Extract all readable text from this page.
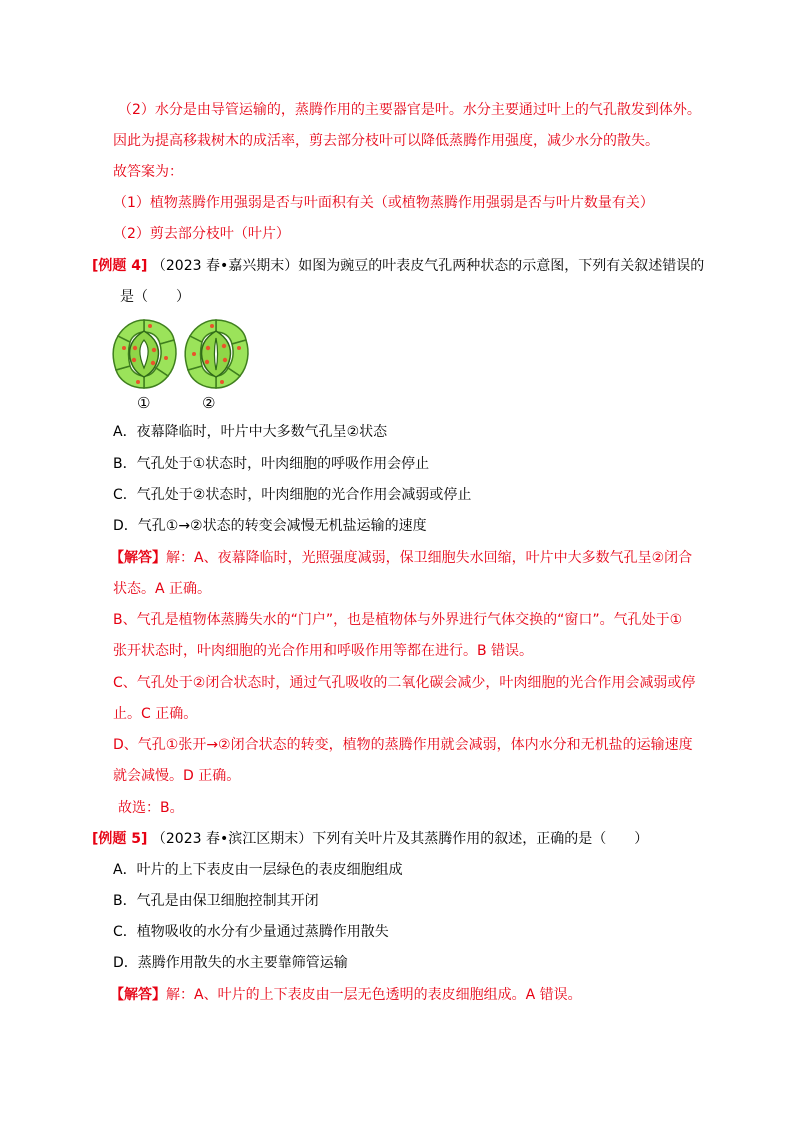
（2）水分是由导管运输的，蒸腾作用的主要器官是叶。水分主要通过叶上的气孔散发到体外。
因此为提高移栽树木的成活率，剪去部分枝叶可以降低蒸腾作用强度，减少水分的散失。
故答案为：
（1）植物蒸腾作用强弱是否与叶面积有关（或植物蒸腾作用强弱是否与叶片数量有关）
（2）剪去部分枝叶（叶片）
[例题 4] （2023 春•嘉兴期末）如图为豌豆的叶表皮气孔两种状态的示意图，下列有关叙述错误的
是（　　）
①	②
A．夜幕降临时，叶片中大多数气孔呈②状态
B．气孔处于①状态时，叶肉细胞的呼吸作用会停止
C．气孔处于②状态时，叶肉细胞的光合作用会减弱或停止
D．气孔①→②状态的转变会减慢无机盐运输的速度
【解答】解：A、夜幕降临时，光照强度减弱，保卫细胞失水回缩，叶片中大多数气孔呈②闭合
状态。A 正确。
B、气孔是植物体蒸腾失水的“门户”，也是植物体与外界进行气体交换的“窗口”。气孔处于①
张开状态时，叶肉细胞的光合作用和呼吸作用等都在进行。B 错误。
C、气孔处于②闭合状态时，通过气孔吸收的二氧化碳会减少，叶肉细胞的光合作用会减弱或停
止。C 正确。
D、气孔①张开→②闭合状态的转变，植物的蒸腾作用就会减弱，体内水分和无机盐的运输速度
就会减慢。D 正确。
故选：B。
[例题 5] （2023 春•滨江区期末）下列有关叶片及其蒸腾作用的叙述，正确的是（　　）
A．叶片的上下表皮由一层绿色的表皮细胞组成
B．气孔是由保卫细胞控制其开闭
C．植物吸收的水分有少量通过蒸腾作用散失
D．蒸腾作用散失的水主要靠筛管运输
【解答】解：A、叶片的上下表皮由一层无色透明的表皮细胞组成。A 错误。
